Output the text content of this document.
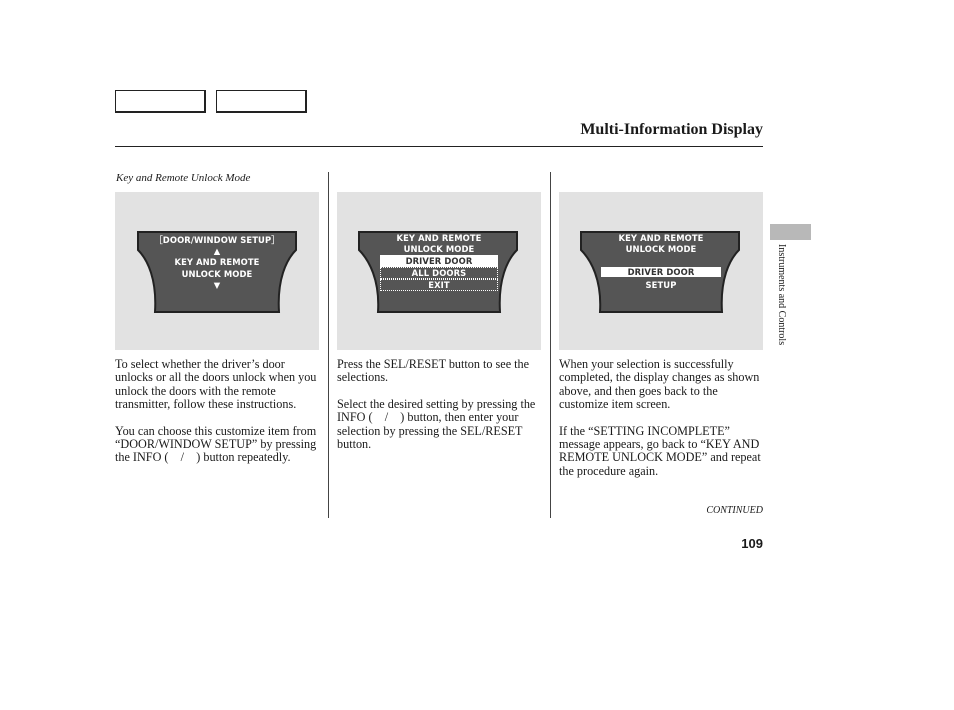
Multi-Information Display
Key and Remote Unlock Mode
［DOOR/WINDOW SETUP］
▲
KEY AND REMOTE
UNLOCK MODE
▼
KEY AND REMOTE
UNLOCK MODE
DRIVER DOOR
ALL DOORS
EXIT
KEY AND REMOTE
UNLOCK MODE
DRIVER DOOR
SETUP

To select whether the driver’s door unlocks or all the doors unlock when you unlock the doors with the remote transmitter, follow these instructions.

You can choose this customize item from “DOOR/WINDOW SETUP” by pressing the INFO (　/　) button repeatedly.

Press the SEL/RESET button to see the selections.

Select the desired setting by pressing the INFO (　/　) button, then enter your selection by pressing the SEL/RESET button.

When your selection is successfully completed, the display changes as shown above, and then goes back to the customize item screen.

If the “SETTING INCOMPLETE” message appears, go back to “KEY AND REMOTE UNLOCK MODE” and repeat the procedure again.

Instruments and Controls
CONTINUED
109
